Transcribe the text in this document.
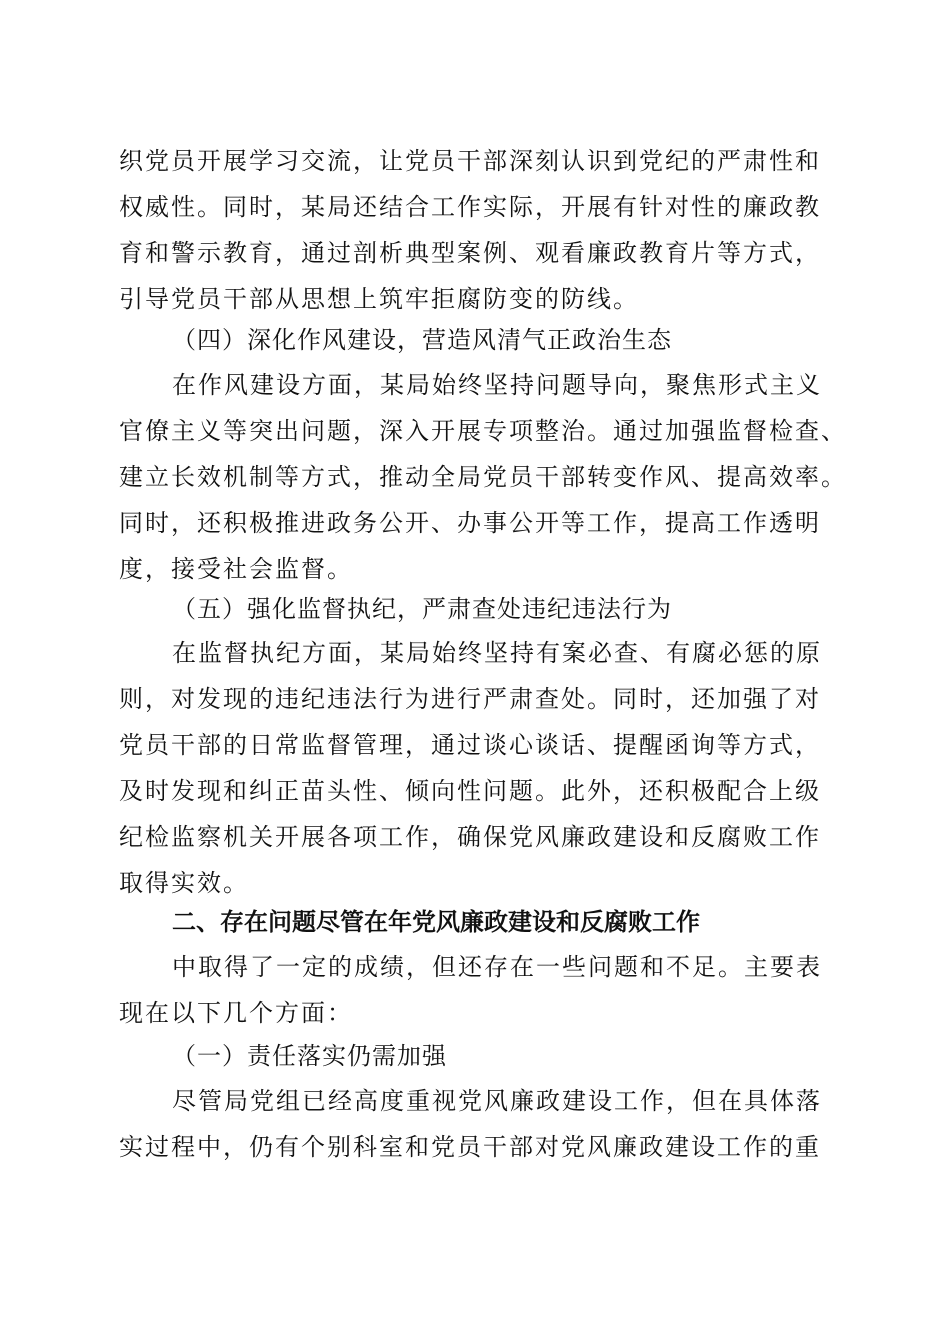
织党员开展学习交流，让党员干部深刻认识到党纪的严肃性和
权威性。同时，某局还结合工作实际，开展有针对性的廉政教
育和警示教育，通过剖析典型案例、观看廉政教育片等方式，
引导党员干部从思想上筑牢拒腐防变的防线。
（四）深化作风建设，营造风清气正政治生态
在作风建设方面，某局始终坚持问题导向，聚焦形式主义
官僚主义等突出问题，深入开展专项整治。通过加强监督检查、
建立长效机制等方式，推动全局党员干部转变作风、提高效率。
同时，还积极推进政务公开、办事公开等工作，提高工作透明
度，接受社会监督。
（五）强化监督执纪，严肃查处违纪违法行为
在监督执纪方面，某局始终坚持有案必查、有腐必惩的原
则，对发现的违纪违法行为进行严肃查处。同时，还加强了对
党员干部的日常监督管理，通过谈心谈话、提醒函询等方式，
及时发现和纠正苗头性、倾向性问题。此外，还积极配合上级
纪检监察机关开展各项工作，确保党风廉政建设和反腐败工作
取得实效。
二、存在问题尽管在年党风廉政建设和反腐败工作
中取得了一定的成绩，但还存在一些问题和不足。主要表
现在以下几个方面：
（一）责任落实仍需加强
尽管局党组已经高度重视党风廉政建设工作，但在具体落
实过程中，仍有个别科室和党员干部对党风廉政建设工作的重
